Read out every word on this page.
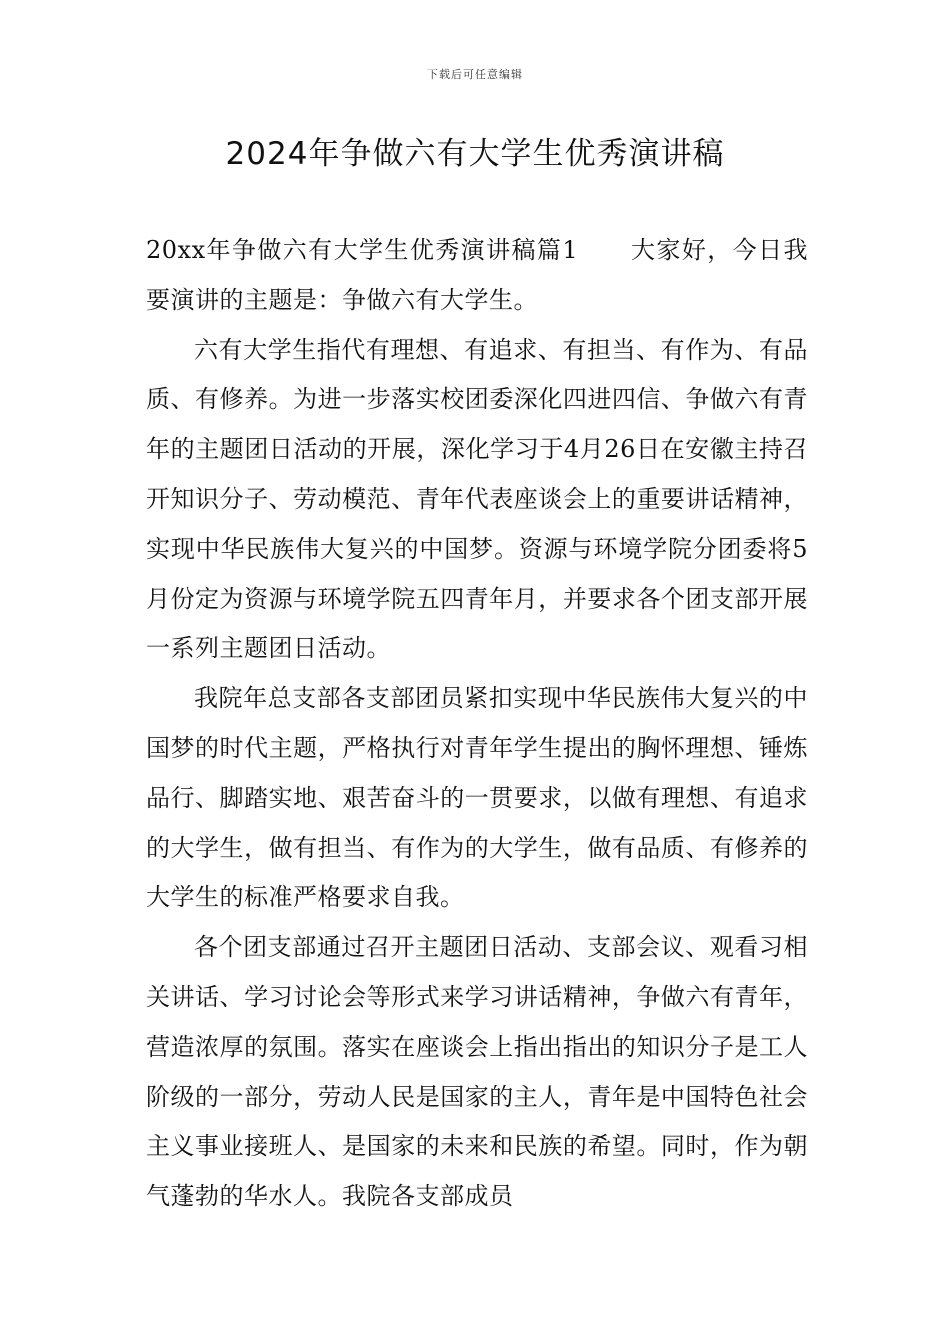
下载后可任意编辑
2024年争做六有大学生优秀演讲稿

20xx年争做六有大学生优秀演讲稿篇1 大家好，今日我要演讲的主题是：争做六有大学生。

六有大学生指代有理想、有追求、有担当、有作为、有品质、有修养。为进一步落实校团委深化四进四信、争做六有青年的主题团日活动的开展，深化学习于4月26日在安徽主持召开知识分子、劳动模范、青年代表座谈会上的重要讲话精神，实现中华民族伟大复兴的中国梦。资源与环境学院分团委将5月份定为资源与环境学院五四青年月，并要求各个团支部开展一系列主题团日活动。

我院年总支部各支部团员紧扣实现中华民族伟大复兴的中国梦的时代主题，严格执行对青年学生提出的胸怀理想、锤炼品行、脚踏实地、艰苦奋斗的一贯要求，以做有理想、有追求的大学生，做有担当、有作为的大学生，做有品质、有修养的大学生的标准严格要求自我。

各个团支部通过召开主题团日活动、支部会议、观看习相关讲话、学习讨论会等形式来学习讲话精神，争做六有青年，营造浓厚的氛围。落实在座谈会上指出指出的知识分子是工人阶级的一部分，劳动人民是国家的主人，青年是中国特色社会主义事业接班人、是国家的未来和民族的希望。同时，作为朝气蓬勃的华水人。我院各支部成员
